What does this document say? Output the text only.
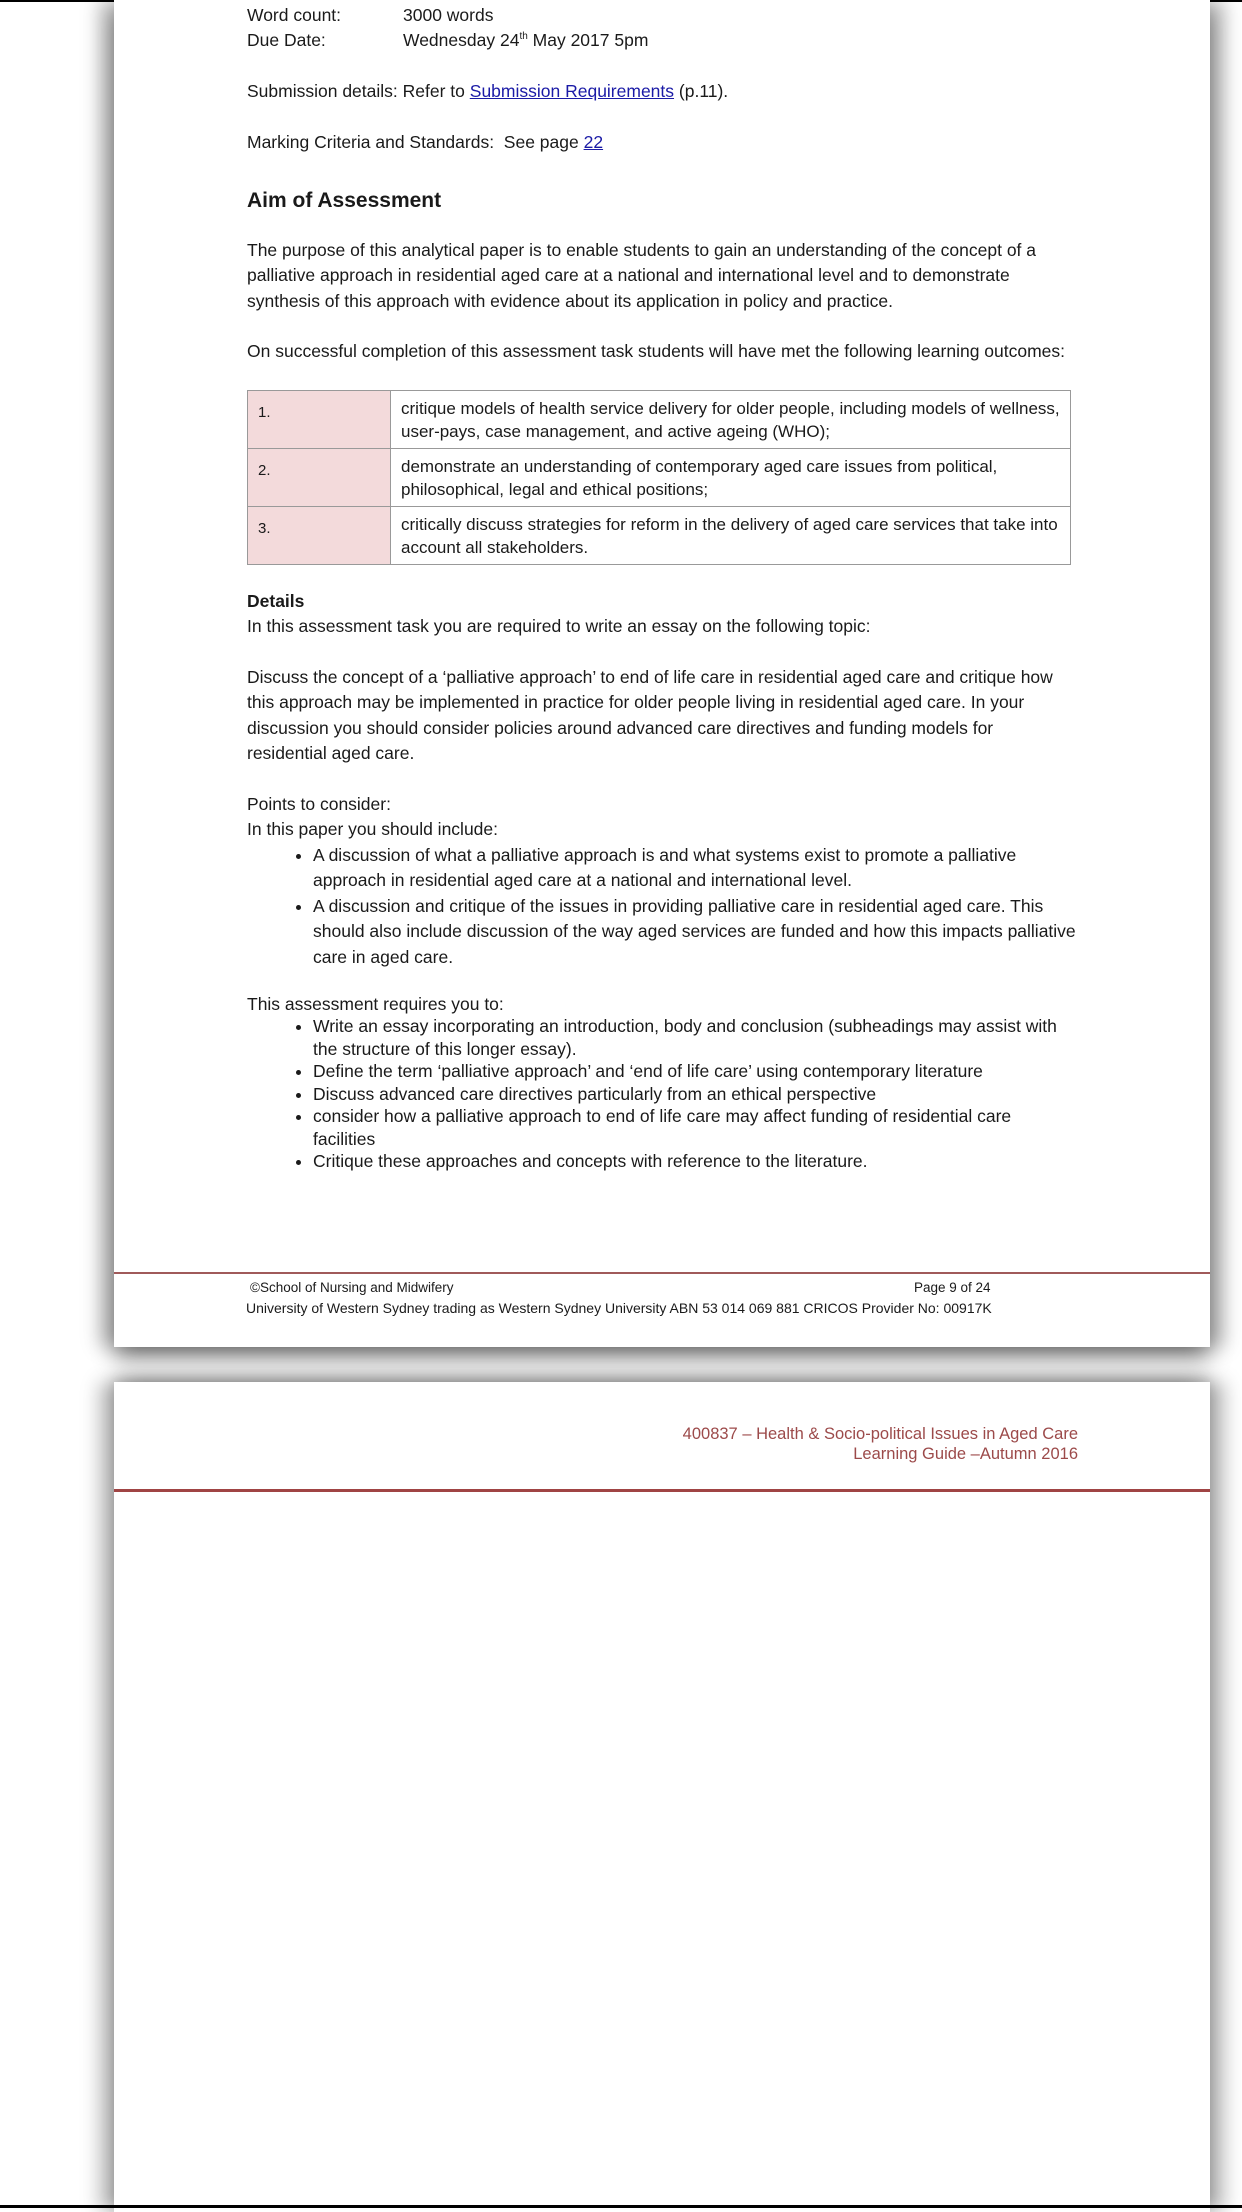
Word count:	3000 words
Due Date:	Wednesday 24th May 2017 5pm

Submission details: Refer to Submission Requirements (p.11).

Marking Criteria and Standards:  See page 22

Aim of Assessment

The purpose of this analytical paper is to enable students to gain an understanding of the concept of a palliative approach in residential aged care at a national and international level and to demonstrate synthesis of this approach with evidence about its application in policy and practice.

On successful completion of this assessment task students will have met the following learning outcomes:

1.	critique models of health service delivery for older people, including models of wellness, user-pays, case management, and active ageing (WHO);
2.	demonstrate an understanding of contemporary aged care issues from political, philosophical, legal and ethical positions;
3.	critically discuss strategies for reform in the delivery of aged care services that take into account all stakeholders.

Details

In this assessment task you are required to write an essay on the following topic:

Discuss the concept of a ‘palliative approach’ to end of life care in residential aged care and critique how this approach may be implemented in practice for older people living in residential aged care. In your discussion you should consider policies around advanced care directives and funding models for residential aged care.

Points to consider:

In this paper you should include:

• A discussion of what a palliative approach is and what systems exist to promote a palliative approach in residential aged care at a national and international level.
• A discussion and critique of the issues in providing palliative care in residential aged care. This should also include discussion of the way aged services are funded and how this impacts palliative care in aged care.

This assessment requires you to:

• Write an essay incorporating an introduction, body and conclusion (subheadings may assist with the structure of this longer essay).
• Define the term ‘palliative approach’ and ‘end of life care’ using contemporary literature
• Discuss advanced care directives particularly from an ethical perspective
• consider how a palliative approach to end of life care may affect funding of residential care facilities
• Critique these approaches and concepts with reference to the literature.
©School of Nursing and Midwifery	Page 9 of 24
University of Western Sydney trading as Western Sydney University ABN 53 014 069 881 CRICOS Provider No: 00917K
400837 – Health & Socio-political Issues in Aged Care
Learning Guide –Autumn 2016
